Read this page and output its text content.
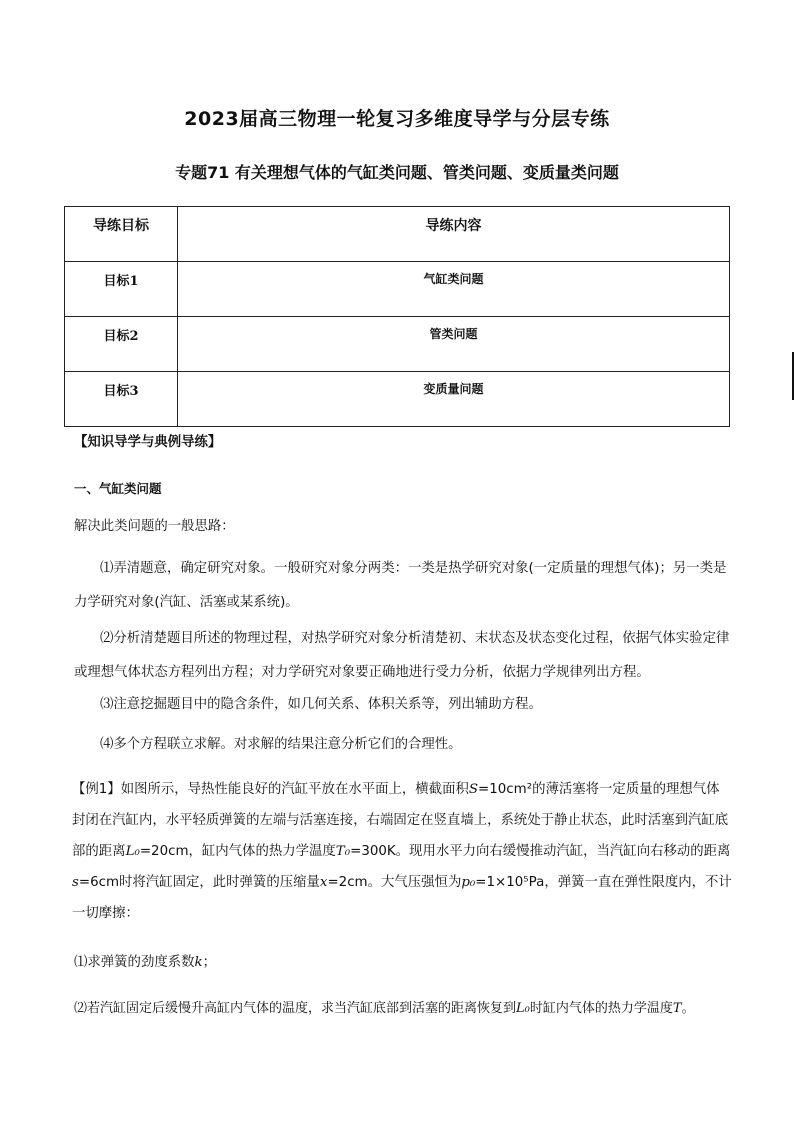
2023届高三物理一轮复习多维度导学与分层专练
专题71 有关理想气体的气缸类问题、管类问题、变质量类问题
导练目标	导练内容
目标1	气缸类问题
目标2	管类问题
目标3	变质量问题
【知识导学与典例导练】
一、气缸类问题
解决此类问题的一般思路：
⑴弄清题意，确定研究对象。一般研究对象分两类：一类是热学研究对象(一定质量的理想气体)；另一类是力学研究对象(汽缸、活塞或某系统)。
⑵分析清楚题目所述的物理过程，对热学研究对象分析清楚初、末状态及状态变化过程，依据气体实验定律或理想气体状态方程列出方程；对力学研究对象要正确地进行受力分析，依据力学规律列出方程。
⑶注意挖掘题目中的隐含条件，如几何关系、体积关系等，列出辅助方程。
⑷多个方程联立求解。对求解的结果注意分析它们的合理性。
【例1】如图所示，导热性能良好的汽缸平放在水平面上，横截面积S=10cm²的薄活塞将一定质量的理想气体封闭在汽缸内，水平轻质弹簧的左端与活塞连接，右端固定在竖直墙上，系统处于静止状态，此时活塞到汽缸底部的距离L₀=20cm，缸内气体的热力学温度T₀=300K。现用水平力向右缓慢推动汽缸，当汽缸向右移动的距离s=6cm时将汽缸固定，此时弹簧的压缩量x=2cm。大气压强恒为p₀=1×10⁵Pa，弹簧一直在弹性限度内，不计一切摩擦：
⑴求弹簧的劲度系数k；
⑵若汽缸固定后缓慢升高缸内气体的温度，求当汽缸底部到活塞的距离恢复到L₀时缸内气体的热力学温度T。
